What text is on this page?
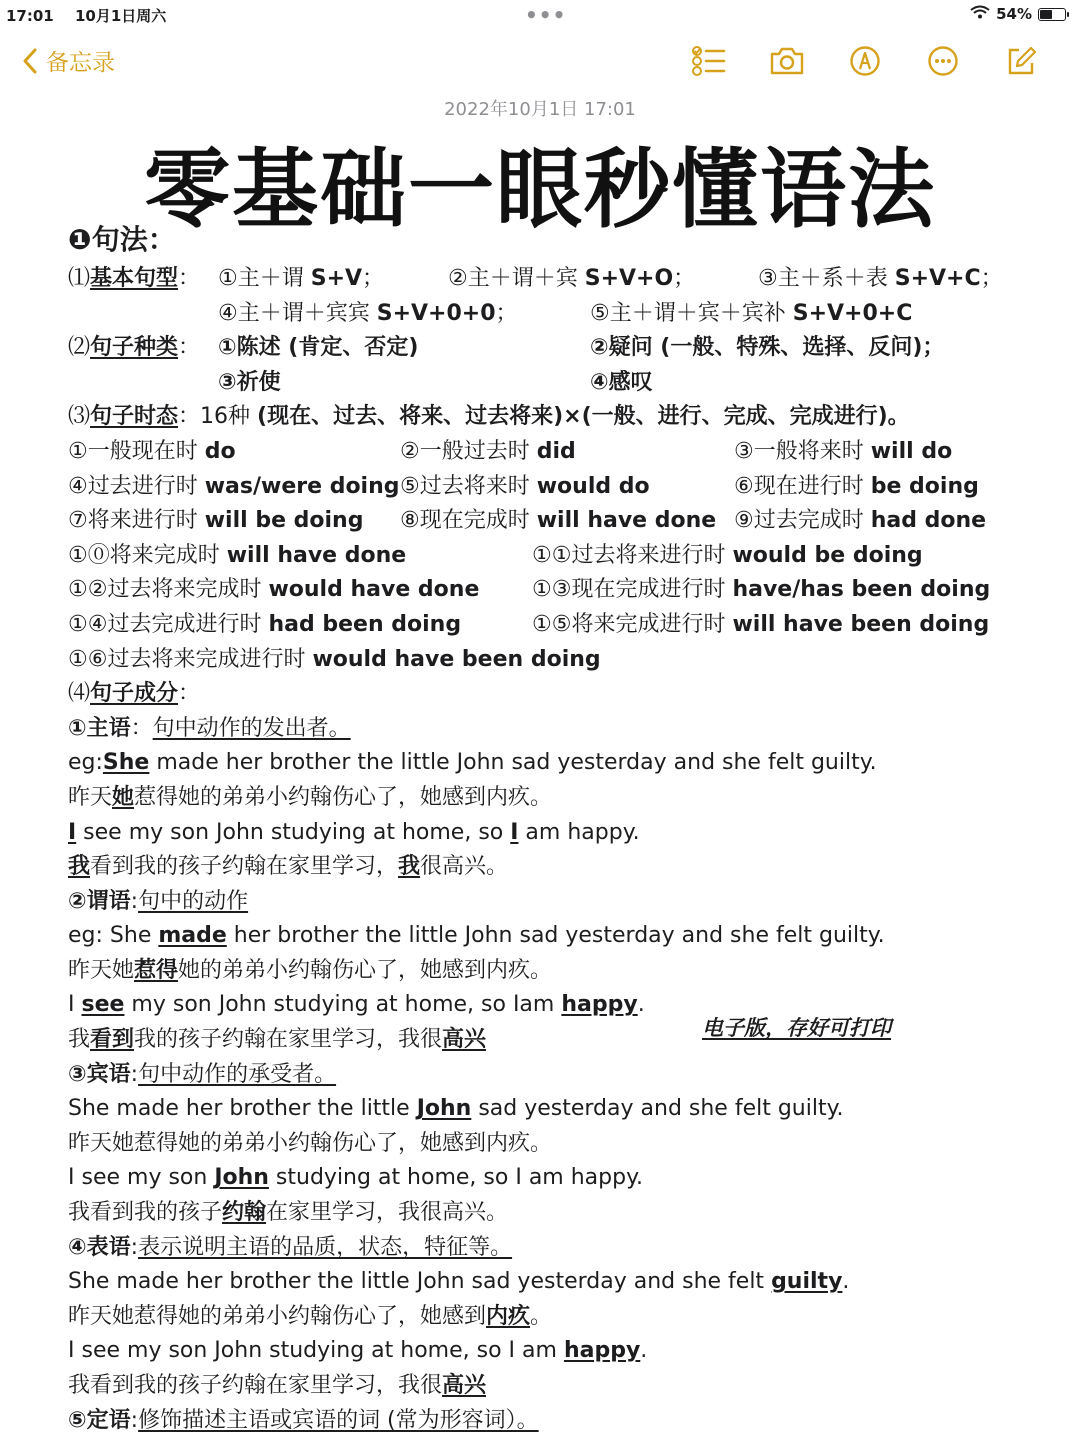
17:01 10月1日周六	•••	54%
备忘录
2022年10月1日 17:01
零基础一眼秒懂语法
❶句法：
⑴基本句型： ①主＋谓 S+V；	②主＋谓＋宾 S+V+O；	③主＋系＋表 S+V+C；
④主＋谓＋宾宾 S+V+0+0；	⑤主＋谓＋宾＋宾补 S+V+0+C
⑵句子种类： ①陈述 (肯定、否定)	②疑问 (一般、特殊、选择、反问)；
③祈使	④感叹
⑶句子时态：16种 (现在、过去、将来、过去将来)×(一般、进行、完成、完成进行)。
①一般现在时 do	②一般过去时 did	③一般将来时 will do
④过去进行时 was/were doing ⑤过去将来时 would do	⑥现在进行时 be doing
⑦将来进行时 will be doing ⑧现在完成时 will have done ⑨过去完成时 had done
①⓪将来完成时 will have done	①①过去将来进行时 would be doing
①②过去将来完成时 would have done ①③现在完成进行时 have/has been doing
①④过去完成进行时 had been doing	①⑤将来完成进行时 will have been doing
①⑥过去将来完成进行时 would have been doing
⑷句子成分：
①主语：句中动作的发出者。
eg:She made her brother the little John sad yesterday and she felt guilty.
昨天她惹得她的弟弟小约翰伤心了，她感到内疚。
I see my son John studying at home, so I am happy.
我看到我的孩子约翰在家里学习，我很高兴。
②谓语:句中的动作
eg: She made her brother the little John sad yesterday and she felt guilty.
昨天她惹得她的弟弟小约翰伤心了，她感到内疚。
I see my son John studying at home, so Iam happy.
我看到我的孩子约翰在家里学习，我很高兴
③宾语:句中动作的承受者。
She made her brother the little John sad yesterday and she felt guilty.
昨天她惹得她的弟弟小约翰伤心了，她感到内疚。
I see my son John studying at home, so I am happy.
我看到我的孩子约翰在家里学习，我很高兴。
④表语:表示说明主语的品质，状态，特征等。
She made her brother the little John sad yesterday and she felt guilty.
昨天她惹得她的弟弟小约翰伤心了，她感到内疚。
I see my son John studying at home, so I am happy.
我看到我的孩子约翰在家里学习，我很高兴
⑤定语:修饰描述主语或宾语的词 (常为形容词）。
电子版，存好可打印
